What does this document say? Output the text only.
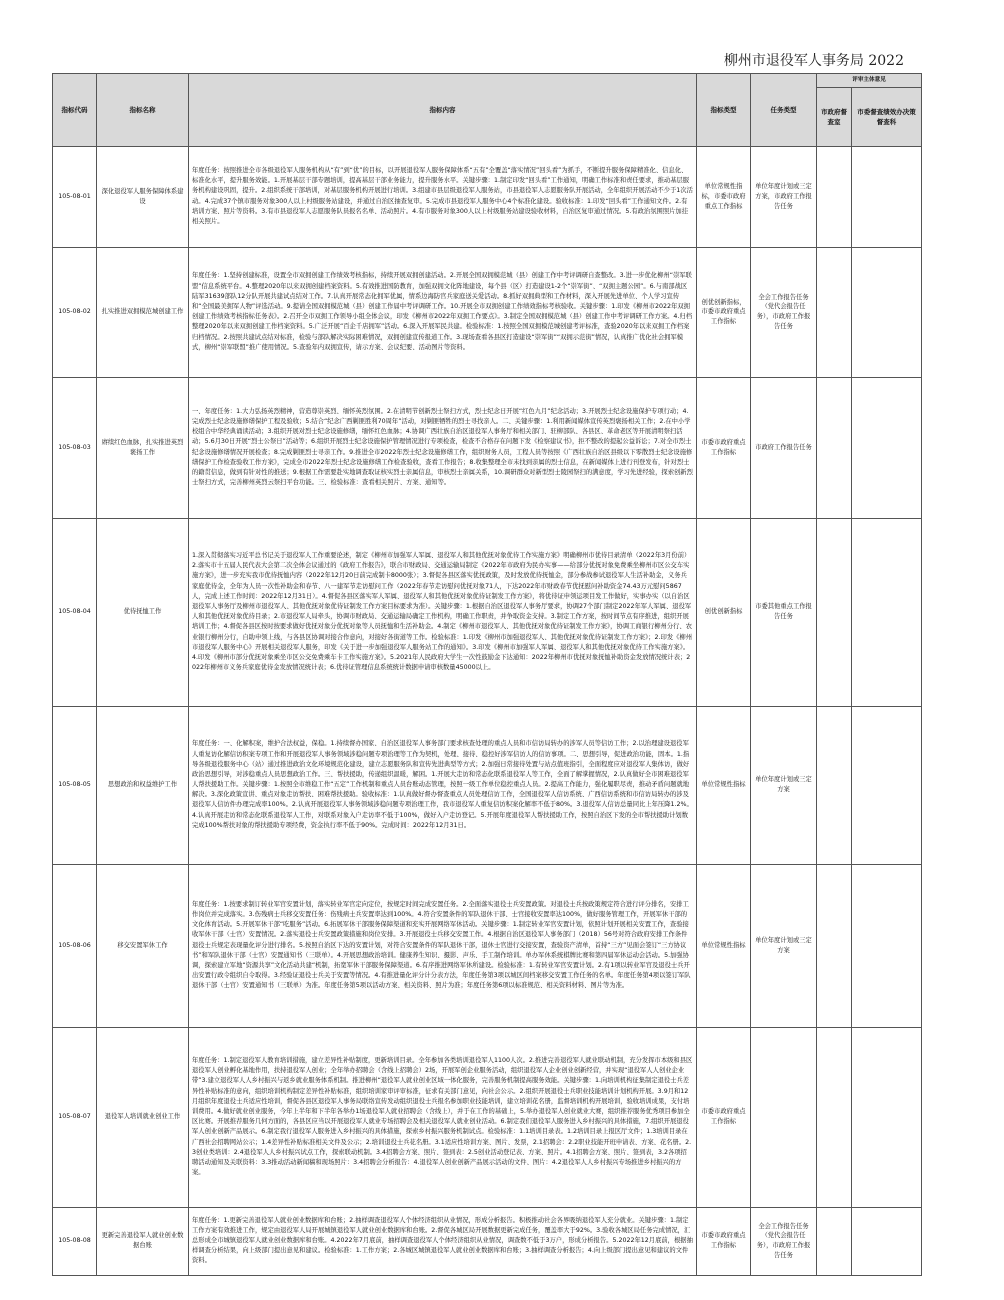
柳州市退役军人事务局 2022
指标代码	指标名称	指标内容	指标类型	任务类型	评审主体意见	
					市政府督查室	市委督查绩效办决策督查科
105-08-01	深化退役军人服务保障体系建设	年度任务：按照推进全市各级退役军人服务机构从“有”到“优”的目标，以开展退役军人服务保障体系“五有”全覆盖“落实情况”回头看”为抓手，不断提升服务保障精准化、信息化、标准化水平，提升服务效能。1.开展基层干部专题培训，提高基层干部业务能力，提升服务水平。关键步骤：1.制定印发“回头看”工作通知，明确工作标准和责任要求，推动基层服务机构建设巩固，提升。2.组织系统干部培训，对基层服务机构开展进行培训。3.组建市县层级退役军人服务站，市县退役军人志愿服务队开展活动，全年组织开展活动不少于1次活动。4.完成37个镇市服务对象300人以上村级服务站建设，并通过自治区抽查复审。5.完成市县退役军人服务中心4个标准化建设。验收标准：1.印发“回头看”工作通知文件。2.有培训方案、照片等资料。3.有市县退役军人志愿服务队员报名名单、活动照片。4.有市服务对象300人以上村级服务站建设验收材料，自治区复审通过情况。5.有政治氛围照片加挂相关照片。	单位常规性指标，市委市政府重点工作指标	单位年度计划或三定方案，市政府工作报告任务		
105-08-02	扎实推进双拥模范城创建工作	年度任务：1.坚持创建标准，设置全市双拥创建工作绩效考核指标，持续开展双拥创建活动。2.开展全国双拥模范城（县）创建工作中考评调研自查整改。3.进一步优化柳州“崇军联盟”信息系统平台。4.整理2020年以来双拥创建档案资料。5.有效推进国防教育，加强双拥文化阵地建设，每个县（区）打造建设1-2个“崇军街”、“双拥主题公园”。6.与南部战区陆军31639部队12分队开展共建试点结对工作。7.认真开展常态化拥军优属，情系边海防官兵家庭送关爱活动。8.抓好双拥典型和工作材料，深入开展先进单位、个人学习宣传和“全国最美拥军人物”评选活动。9.提请全国双拥模范城（县）创建工作届中考评调研工作。10.开展全市双拥创建工作绩效指标考核验收。关键步骤：1.印发《柳州市2022年双拥创建工作绩效考核指标任务表》。2.召开全市双拥工作领导小组全体会议，印发《柳州市2022年双拥工作要点》。3.制定全国双拥模范城（县）创建工作中考评调研工作方案。4.归档整理2020年以来双拥创建工作档案资料。5.广泛开展“百企千店拥军”活动。6.深入开展军民共建。检验标准：1.按照全国双拥模范城创建考评标准，查验2020年以来双拥工作档案归档情况。2.按照共建试点结对标准，检验与部队解决实际困难情况，双拥创建宣传报道工作。3.现场查看各县区打造建设“崇军街”“双拥示范街”情况，认真推广优化社会拥军模式，柳州“崇军联盟”推广使用情况。5.查验年内双拥宣传，请示方案、会议纪要、活动图片等资料。	创优创新指标，市委市政府重点工作指标	全会工作报告任务（党代会报告任务），市政府工作报告任务		
105-08-03	赓续红色血脉，扎实推进英烈褒扬工作	一、年度任务：1.大力弘扬英烈精神，营造尊崇英烈、缅怀英烈氛围。2.在清明节创新烈士祭扫方式，烈士纪念日开展“红色九月”纪念活动；3.开展烈士纪念设施保护专项行动；4.完成烈士纪念设施修缮保护工程及验收；5.结合“纪念广西剿匪胜利70周年”活动，对剿匪牺牲的烈士寻找亲人。二、关键步骤：1.利用新闻媒体宣传英烈褒扬相关工作；2.在中小学校组合中华经典诵读活动；3.组织开展对烈士纪念设施修缮，缅怀红色血脉；4.协调广西壮族自治区退役军人事务厅和相关部门、驻柳部队、各县区、革命老区等开展清明祭扫活动；5.6月30日开展“烈士公祭日”活动等；6.组织开展烈士纪念设施保护管理情况进行专项检查，检查不合格存在问题下发《检察建议书》，拒不整改的提起公益诉讼；7.对全市烈士纪念设施修缮情况开展检查；8.完成剿匪烈士寻亲工作。9.推进全市2022年烈士纪念设施修缮工作，组织财务人员，工程人员等按照《广西壮族自治区县级以下零散烈士纪念设施修缮保护工作检查验收工作方案》，完成全市2022年烈士纪念设施修缮工作检查验收，查看工作报告；8.收集整理全市未找到亲属的烈士信息，在新闻媒体上进行刊登发布，针对烈士的籍贯信息，做到有针对性的推送；9.根据工作需要赴实地调查取证核实烈士亲属信息，审核烈士亲属关系，10.调研群众对新型烈士陵园祭扫的满意度，学习先进经验，探索创新烈士祭扫方式，完善柳州英烈云祭扫平台功能。三、检验标准：查看相关照片、方案、通知等。	市委市政府重点工作指标	市政府工作报告任务		
105-08-04	优待抚恤工作	1.深入贯彻落实习近平总书记关于退役军人工作重要论述，制定《柳州市加强军人军属、退役军人和其他优抚对象优待工作实施方案》明确柳州市优待目录清单（2022年3月份前）2.落实市十五届人民代表大会第二次全体会议通过的《政府工作报告》，联合市财政局、交通运输局制定《2022年市政府为民办实事——给部分优抚对象免费乘坐柳州市区公交车实施方案》，进一步充实我市优待抚恤内容（2022年12月20日前完成制卡8000张）；3.督促各县区落实优抚政策，及时发放优待抚恤金，部分参战参试退役军人生活补助金，义务兵家庭优待金，全年为人员一次性补助金和春节、八一建军节走访慰问工作（2022年春节走访慰问优抚对象71人，下达2022年市财政春节优抚慰问补助资金74.43万元慰问5867人，完成上述工作时间：2022年12月31日）。4.督促各县区落实军人军属、退役军人和其他优抚对象优待证制发工作方案》，将优待证申领运项目发工作做好，实事办实（以自治区退役军人事务厅及柳州市退役军人、其他优抚对象优待证制发工作方案目标要求为准）。关键步骤：1.根据自治区退役军人事务厅要求，协调27个部门制定2022年军人军属、退役军人和其他优抚对象优待目录；2.市退役军人局牵头，协调市财政局、交通运输局确定工作机构，明确工作职责，并争取资金支持。3.制定工作方案，按时间节点有序推进，组织开展培训工作；4.督促各县区按时按要求做好优抚对象分优抚对象等人员抚恤和生活补助金。4.制定《柳州市退役军人、其他优抚对象优待证制发工作方案》，协调工商银行柳州分行、农业银行柳州分行，自助申领上线，与各县区协调对接合作意向，对接好各街道等工作。检验标准：1.印发《柳州市加强退役军人、其他优抚对象优待证制发工作方案》；2.印发《柳州市退役军人服务中心》开展相关退役军人服务，印发《关于进一步加强退役军人服务站工作的通知》。3.印发《柳州市加强军人军属、退役军人和其他优抚对象优待工作实施方案》。4.印发《柳州市部分优抚对象乘坐市区公交免费乘车卡工作实施方案》。5.2021年人民政府大学生一次性鼓励金下达通知：2022年柳州市优抚对象抚恤补助资金发放情况统计表；2022年柳州市义务兵家庭优待金发放情况统计表；6.优待证管理信息系统统计数据申请审核数量45000以上。	创优创新指标	市委其他重点工作报告任务		
105-08-05	思想政治和权益维护工作	年度任务：一、化解积案，维护合法权益，保稳。1.持续督办国家、自治区退役军人事务部门要求核查处理的重点人员和市信访局转办的涉军人员等信访工作；2.以治理建设退役军人重复访化解信访积案专项工作和开展退役军人事务领域涉稳问题专项治理等工作为契机，处理、接待、稳控好涉军信访人的信访事项。二、思想引导，促进政治功能，固本。1.指导各级退役服务中心（站）通过推进政治文化环境规范化建设，建立志愿服务队和宣传先进典型等方式；2.加强日常接待处置与站点值班指引，全面程度应对退役军人集体访，做好政治思想引导，对涉稳重点人员思想政治工作。三、帮扶援助，传递组织温暖，解困。1.开展大走访和常态化联系退役军人等工作，全面了解掌握情况，2.认真做好全市困难退役军人帮扶援助工作。关键步骤：1.按照全市维稳工作“五定”工作机制和重点人员台账动态管理，按照一级工作单位稳控重点人员。2.提高工作能力，强化履职尽责，推动矛盾问题就地解决。3.深化政策宣讲、重点对象走访帮扶、困难帮扶援助。验收标准：1.认真做好督办督查重点人员处理信访工作，全国退役军人信访系统、广西信访系统和市信访局转办的涉及退役军人信访件办理完成率100%。2.认真开展退役军人事务领域涉稳问题专项治理工作，我市退役军人重复信访积案化解率不低于80%。3.退役军人信访总量同比上年压降1.2%。4.认真开展走访和常态化联系退役军人工作，对联系对象入户走访率不低于100%，做好入户走访登记。5.开展年度退役军人帮扶援助工作，按照自治区下发的全市帮扶援助计划数完成100%帮扶对象的帮扶援助专项经费，资金执行率不低于90%。完成时间：2022年12月31日。	单位常规性指标	单位年度计划或三定方案		
105-08-06	移交安置军休工作	年度任务：1.按要求制订转业军官安置计划，落实转业军官定向定位，按规定时间完成安置任务。2.全面落实退役士兵安置政策。对退役士兵按政策规定符合进行评分排名，安排工作岗位并完成落实。3.伤残病士兵移交安置任务：伤残病士兵安置率达到100%。4.符合安置条件的军队退休干部、士官接收安置率达100%，做好服务管理工作，开展军休干部的文化体育活动。5.开展军休干部“吃服务”活动。6.拓展军休干部服务保障渠道和充实开展网络军休活动。关键步骤：1.制定转业军官安置计划，依照计划开展相关安置工作，查验接收军休干部（士官）安置情况。2.落实退役士兵安置政策措施和岗位安排。3.开展退役士兵移交安置工作。4.根据自治区退役军人事务部门（2018）56号对符合政府安排工作条件退役士兵规定表现量化评分进行排名。5.按照自治区下达的安置计划，对符合安置条件的军队退休干部，退休士官进行交接安置，查验资产清单，首持“三方”见面会签订“三方协议书”和军队退休干部（士官）安置通知书（三联单）。4.开展思想政治培训。健康养生知识、摄影、声乐、手工制作培训。单办军休系统棋牌比赛和第四届军休运动会活动。5.加强协调，探索建立军地“资源共享”文化活动共建“机制，拓宽军休干部服务保障渠道。6.有序推进网络军休所建设。检验标准：1.有转业军官安置计划。2.有1项以转业军官及退役士兵开出安置行政令组织自令取得。3.经验证退役士兵关于安置等情况。4.有推进量化评分计分表方法，年度任务第3项以城区间档案移交安置工作任务的名单。年度任务第4项以签订军队退休干部（士官）安置通知书（三联单）为准。年度任务第5项以活动方案、相关资料、照片为准；年度任务第6项以标准规范、相关资料材料、图片等为准。	单位常规性指标	单位年度计划或三定方案		
105-08-07	退役军人培训就业创业工作	年度任务：1.制定退役军人教育培训措施，建立差异性补贴制度，更新培训目录。全年参加各类培训退役军人1100人次。2.推进完善退役军人就业联动机制，充分发挥市本级和县区退役军人创业孵化基地作用，扶持退役军人创业；全年举办招聘会（含线上招聘会）2场，开展军创企业服务活动，组织退役军人企业创业创新经营，并实现“退役军人人创业企业带”3.建立退役军人人乡村振兴与返乡就业服务体系机制。推进柳州“退役军人就业创业区域一体化服务，完善服务机制提高服务效能。关键步骤：1.向培训机构征集制定退役士兵差异性补贴标准的意向，组织培训机构制定差异性补贴标准，组织培训家审评审标准，征求有关部门意见，向社会公示。2.组织开展退役士兵职业技能培训计划机构开展。3.9月和12月组织年度退役士兵适应性培训，督促各县区退役军人事务局联络宣传发动组织退役士兵报名参加职业技能培训，建立培训花名册，监督培训机构开展培训，验收培训成果，支付培训费用。4.做好就业创业服务，今年上半年和下半年各举办1场退役军人就业招聘会（含线上），并于在工作的基础上，5.举办退役军人创业就业大赛，组织推荐服务优秀项目参加全区比赛。开展推荐服务几何方面的，各县区应当以开展退役军人就业专场招聘会及相关退役军人就业创业活动。6.制定我们退役军人服务进入乡村振兴的具体措施，7.组织开展退役军人创业创新产品展示。6.制定我行退役军人服务进入乡村振兴的具体措施，探索乡村振兴服务机制试点。检验标准：1.1培训目录表。1.2培训目录上报区厅文件；1.3培训目录在广西社会招聘网站公示；1.4差异性补贴标准相关文件及公示；2.培训退役士兵花名册。3.1适应性培训方案、图片、发票，2.1招聘会：2.2职业技能开班申请表、方案、花名册。2.3创业类培训：2.4退役军人人乡村振兴试点工作，探索联动机制。3.4招聘会方案、照片、签到表：2.5创业活动登记表、方案、照片。4.1招聘会方案、照片、签到表，3.2各项招聘活动通知及关联资料：3.3推动活动新闻稿和现场照片：3.4招聘会分析报告：4.退役军人创业创新产品展示活动的文件、图片：4.2退役军人人乡村振兴专场推进乡村振兴的方案。	市委市政府重点工作指标			
105-08-08	更新完善退役军人就业创业数据台账	年度任务：1.更新完善退役军人就业创业数据库和台账；2.抽样调查退役军人个体经济组织从业情况，形成分析报告。积极推动社会各界吸纳退役军人充分就业。关键步骤：1.制定工作方案有效推进工作，规定由退役军人局开展城镇退役军人就业创业数据库和台账。2.督促各城区局开展数据更新完成任务，覆盖率大于92%。3.验收各城区局任务完成情况，汇总形成全市城镇退役军人就业创业数据库和台账。4.2022年7月底前，抽样调查退役军人个体经济组织从业情况，调查数不低于3万户，形成分析报告。5.2022年12月底前，根据抽样调查分析结果，向上级部门提出意见和建议。检验标准：1.工作方案；2.各城区城镇退役军人就业创业数据库和台账；3.抽样调查分析报告；4.向上级部门提出意见和建议的文件资料。	市委市政府重点工作指标	全会工作报告任务（党代会报告任务），市政府工作报告任务		
